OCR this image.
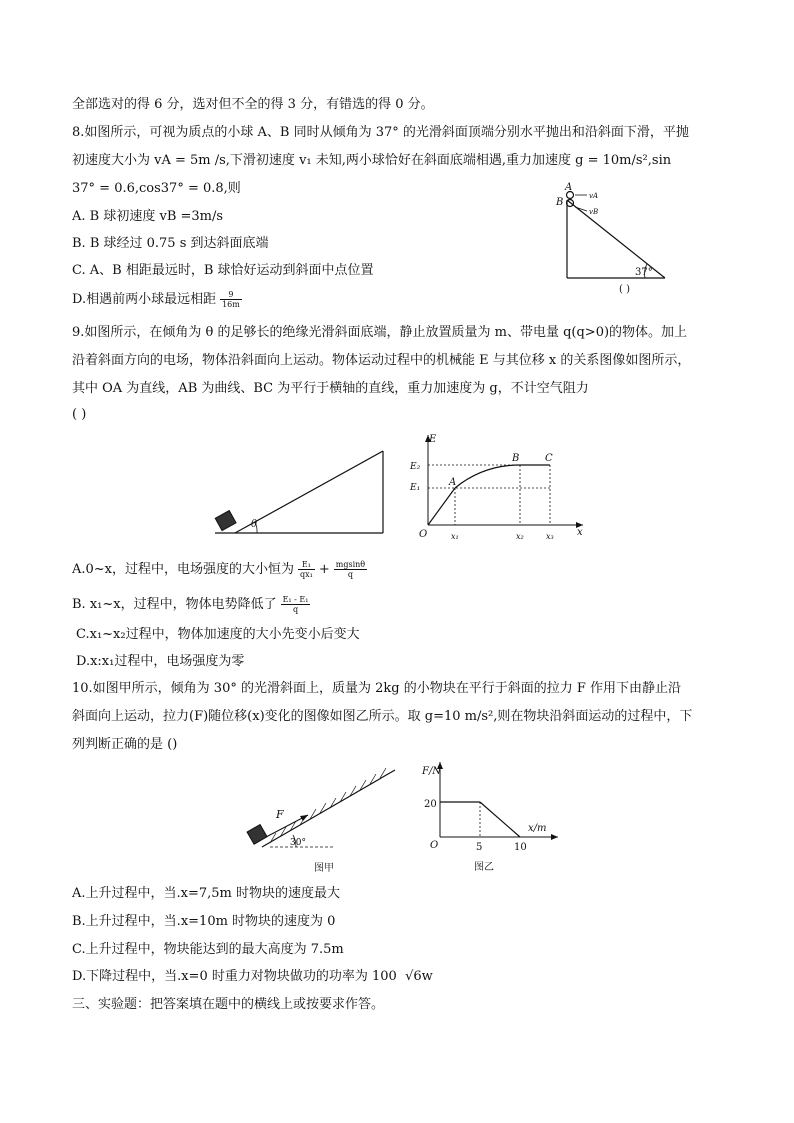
全部选对的得 6 分，选对但不全的得 3 分，有错选的得 0 分。
8.如图所示，可视为质点的小球 A、B 同时从倾角为 37° 的光滑斜面顶端分别水平抛出和沿斜面下滑，平抛
初速度大小为 vA = 5m /s,下滑初速度 v₁ 未知,两小球恰好在斜面底端相遇,重力加速度 g = 10m/s²,sin
37° = 0.6,cos37° = 0.8,则
A. B 球初速度 vB =3m/s
B. B 球经过 0.75 s 到达斜面底端
C. A、B 相距最远时，B 球恰好运动到斜面中点位置
D.相遇前两小球最远相距 $\frac{9}{16m}$
A
B
vA
vB
37°
( )
9.如图所示，在倾角为 θ 的足够长的绝缘光滑斜面底端，静止放置质量为 m、带电量 q(q>0)的物体。加上
沿着斜面方向的电场，物体沿斜面向上运动。物体运动过程中的机械能 E 与其位移 x 的关系图像如图所示，
其中 OA 为直线，AB 为曲线、BC 为平行于横轴的直线，重力加速度为 g，不计空气阻力
( )
θ
E
x
O
E₂
E₁	A
B	C
x₁	x₂	x₃
A.0~x，过程中，电场强度的大小恒为 $\frac{\text{E₁}}{\text{qx₁}} + \frac{mgsin\theta}{q}$
B. x₁~x，过程中，物体电势降低了 $\frac{\text{E₁ - E₁}}{q}$
C.x₁~x₂过程中，物体加速度的大小先变小后变大
D.x:x₁过程中，电场强度为零
10.如图甲所示，倾角为 30° 的光滑斜面上，质量为 2kg 的小物块在平行于斜面的拉力 F 作用下由静止沿
斜面向上运动，拉力(F)随位移(x)变化的图像如图乙所示。取 g=10 m/s²,则在物块沿斜面运动的过程中，下
列判断正确的是 ()
F
30°
图甲
F/N
x/m
O
20
5	10
图乙
A.上升过程中，当.x=7,5m 时物块的速度最大
B.上升过程中，当.x=10m 时物块的速度为 0
C.上升过程中，物块能达到的最大高度为 7.5m
D.下降过程中，当.x=0 时重力对物块做功的功率为 100 √6w
三、实验题：把答案填在题中的横线上或按要求作答。
